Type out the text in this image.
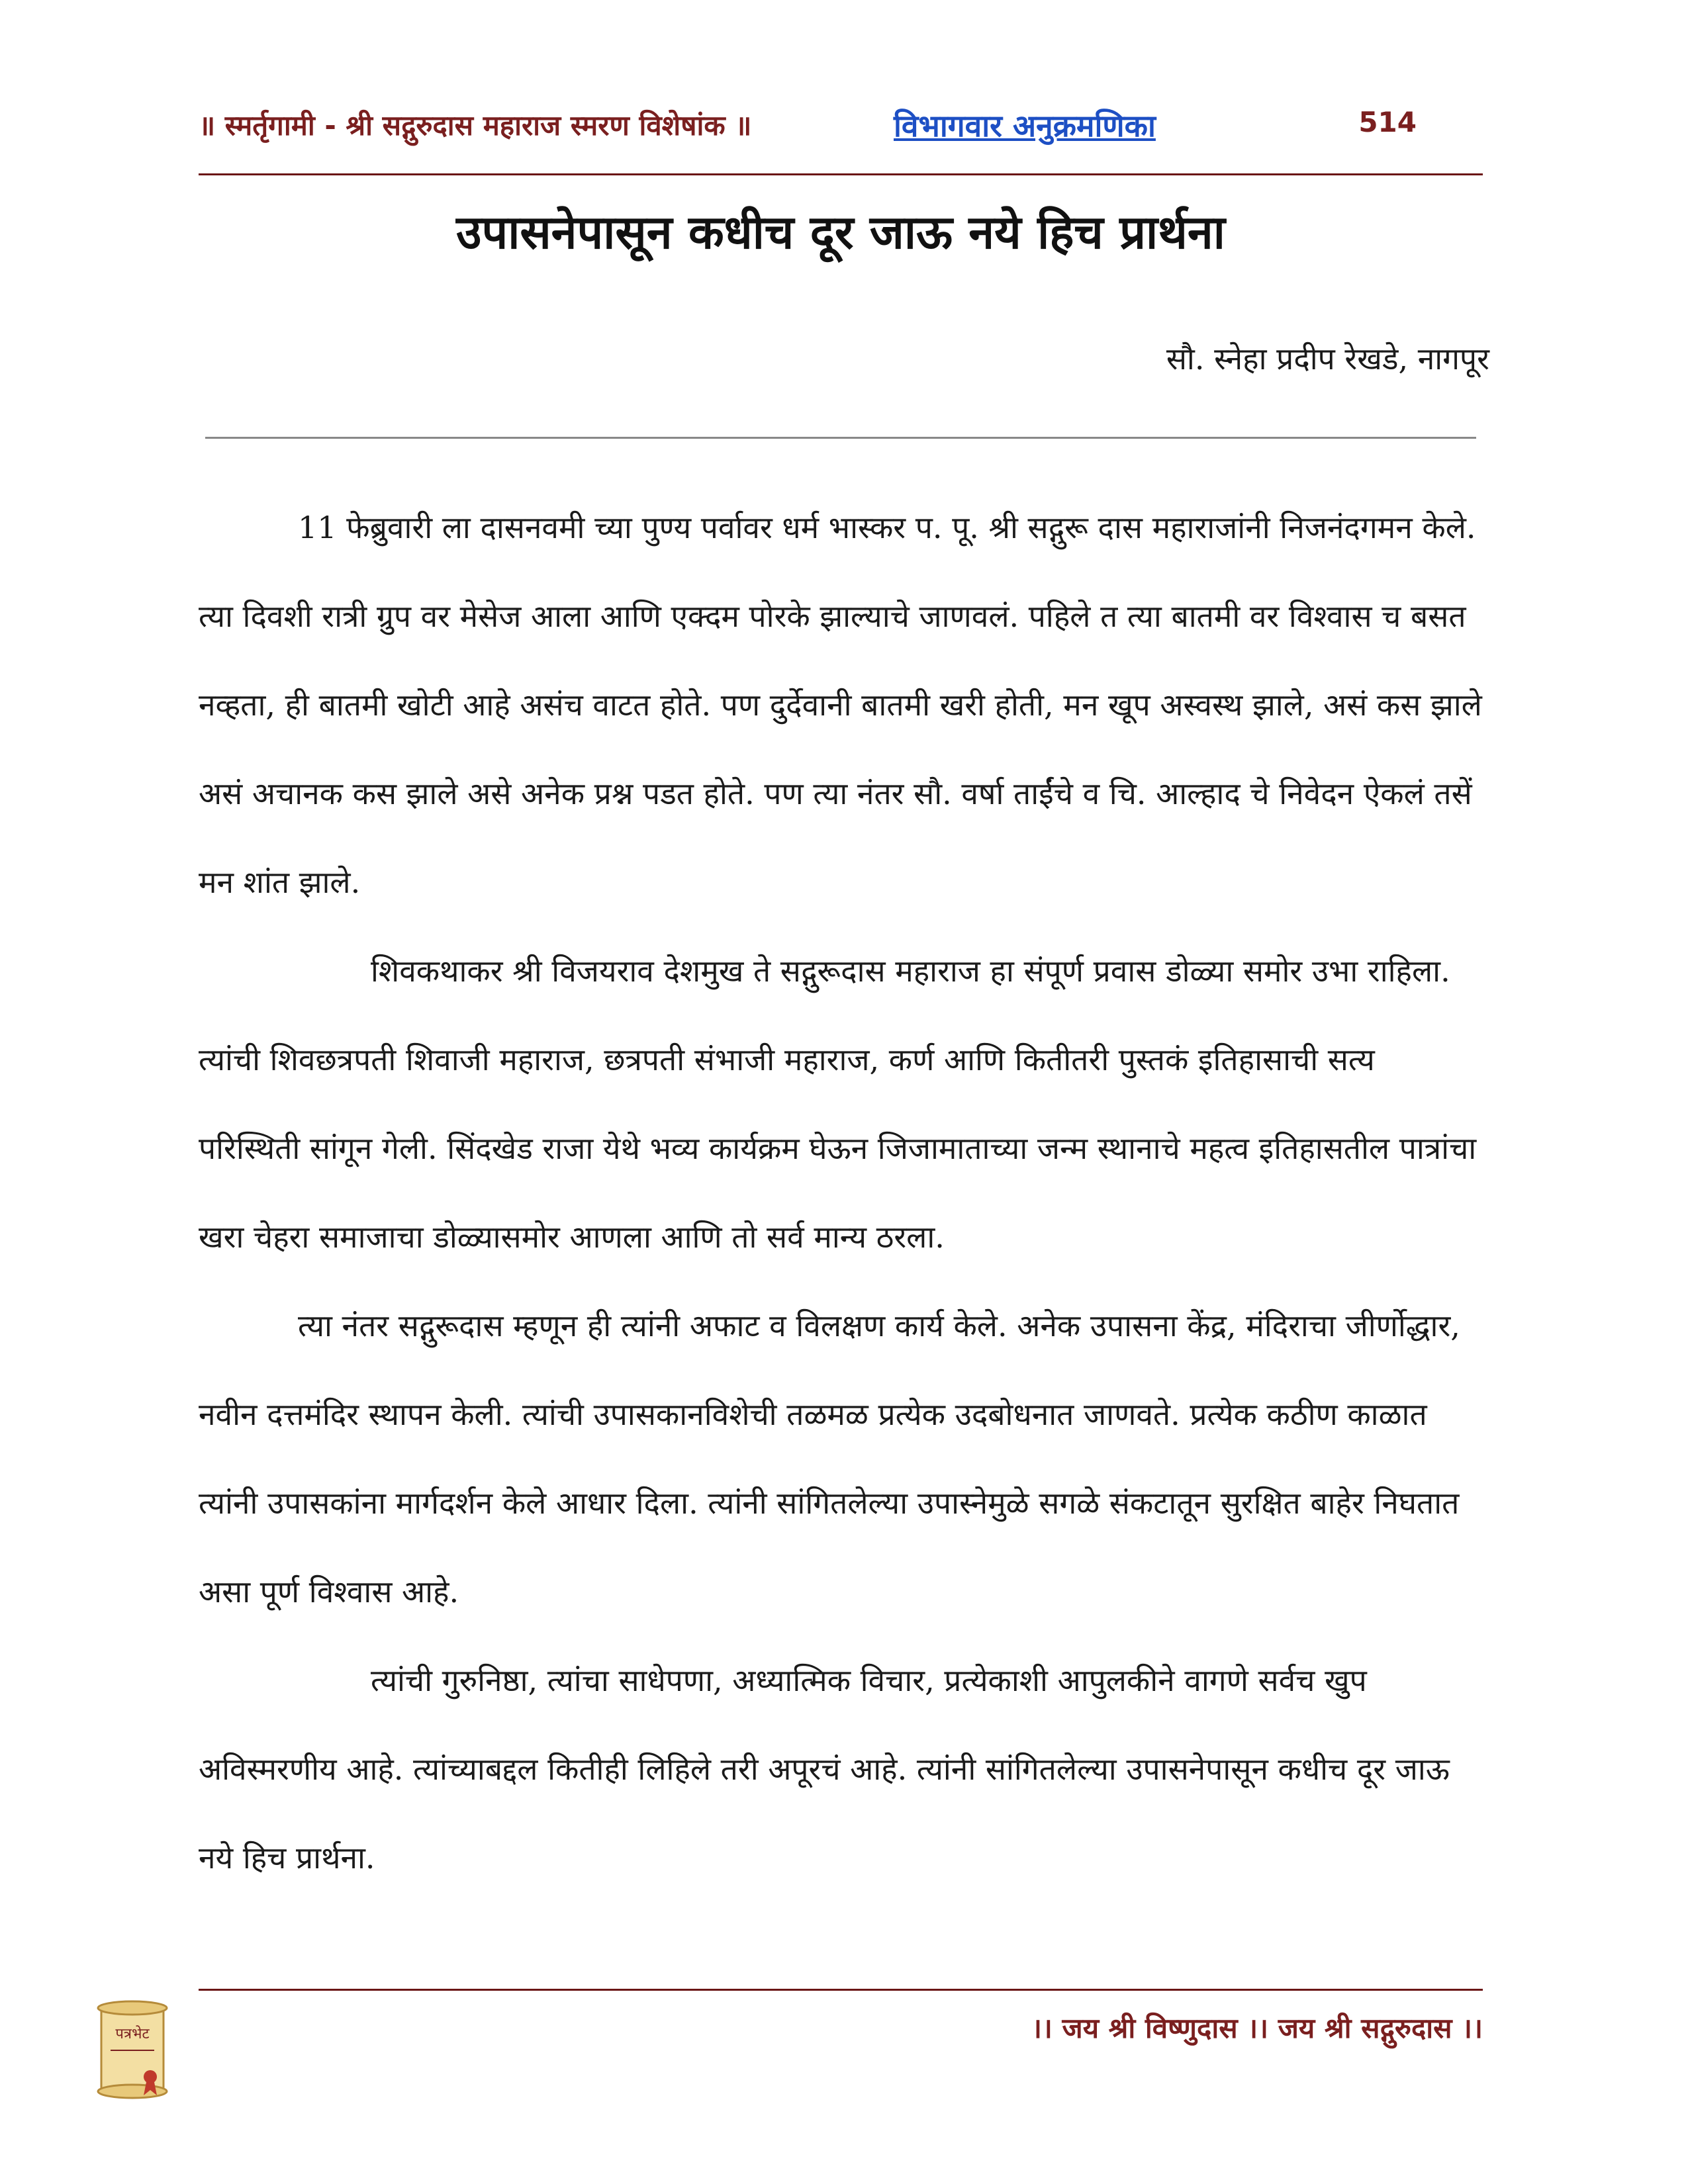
॥ स्मर्तृगामी - श्री सद्गुरुदास महाराज स्मरण विशेषांक ॥	विभागवार अनुक्रमणिका	514
उपासनेपासून कधीच दूर जाऊ नये हिच प्रार्थना
सौ. स्नेहा प्रदीप रेखडे, नागपूर

11 फेब्रुवारी ला दासनवमी च्या पुण्य पर्वावर धर्म भास्कर प. पू. श्री सद्गुरू दास महाराजांनी निजनंदगमन केले. त्या दिवशी रात्री ग्रुप वर मेसेज आला आणि एक्दम पोरके झाल्याचे जाणवलं. पहिले त त्या बातमी वर विश्वास च बसत नव्हता, ही बातमी खोटी आहे असंच वाटत होते. पण दुर्देवानी बातमी खरी होती, मन खूप अस्वस्थ झाले, असं कस झाले असं अचानक कस झाले असे अनेक प्रश्न पडत होते. पण त्या नंतर सौ. वर्षा ताईंचे व चि. आल्हाद चे निवेदन ऐकलं तसें मन शांत झाले.

शिवकथाकर श्री विजयराव देशमुख ते सद्गुरूदास महाराज हा संपूर्ण प्रवास डोळ्या समोर उभा राहिला. त्यांची शिवछत्रपती शिवाजी महाराज, छत्रपती संभाजी महाराज, कर्ण आणि कितीतरी पुस्तकं इतिहासाची सत्य परिस्थिती सांगून गेली. सिंदखेड राजा येथे भव्य कार्यक्रम घेऊन जिजामाताच्या जन्म स्थानाचे महत्व इतिहासतील पात्रांचा खरा चेहरा समाजाचा डोळ्यासमोर आणला आणि तो सर्व मान्य ठरला.

त्या नंतर सद्गुरूदास म्हणून ही त्यांनी अफाट व विलक्षण कार्य केले. अनेक उपासना केंद्र, मंदिराचा जीर्णोद्धार, नवीन दत्तमंदिर स्थापन केली. त्यांची उपासकानविशेची तळमळ प्रत्येक उदबोधनात जाणवते. प्रत्येक कठीण काळात त्यांनी उपासकांना मार्गदर्शन केले आधार दिला. त्यांनी सांगितलेल्या उपास्नेमुळे सगळे संकटातून सुरक्षित बाहेर निघतात असा पूर्ण विश्वास आहे.

त्यांची गुरुनिष्ठा, त्यांचा साधेपणा, अध्यात्मिक विचार, प्रत्येकाशी आपुलकीने वागणे सर्वच खुप अविस्मरणीय आहे. त्यांच्याबद्दल कितीही लिहिले तरी अपूरचं आहे. त्यांनी सांगितलेल्या उपासनेपासून कधीच दूर जाऊ नये हिच प्रार्थना.

।। जय श्री विष्णुदास ।। जय श्री सद्गुरुदास ।।
पत्रभेट
